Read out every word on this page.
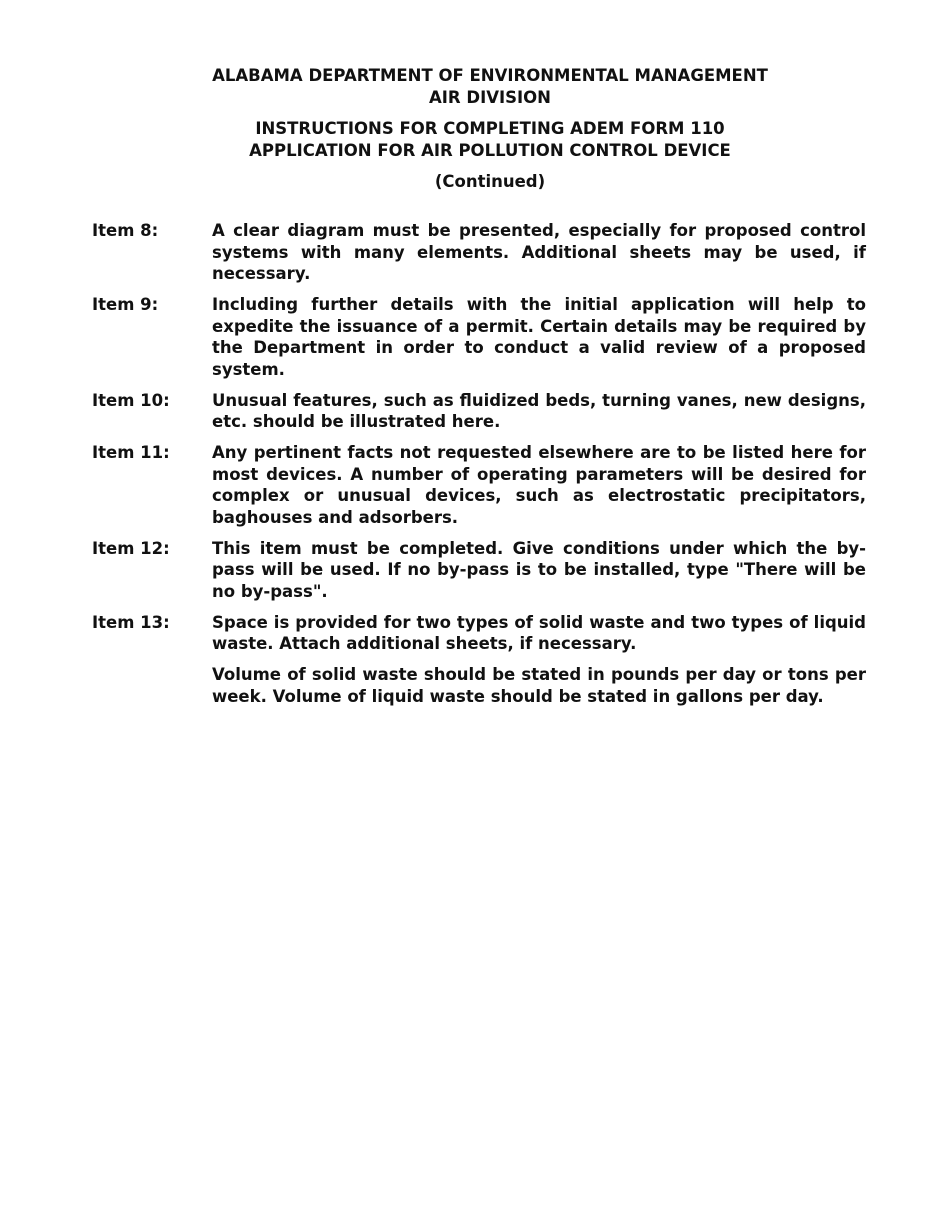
ALABAMA DEPARTMENT OF ENVIRONMENTAL MANAGEMENT
AIR DIVISION
INSTRUCTIONS FOR COMPLETING ADEM FORM 110
APPLICATION FOR AIR POLLUTION CONTROL DEVICE
(Continued)
Item 8:	A clear diagram must be presented, especially for proposed control systems with many elements. Additional sheets may be used, if necessary.

Item 9:	Including further details with the initial application will help to expedite the issuance of a permit. Certain details may be required by the Department in order to conduct a valid review of a proposed system.

Item 10:	Unusual features, such as fluidized beds, turning vanes, new designs, etc. should be illustrated here.

Item 11:	Any pertinent facts not requested elsewhere are to be listed here for most devices. A number of operating parameters will be desired for complex or unusual devices, such as electrostatic precipitators, baghouses and adsorbers.

Item 12:	This item must be completed. Give conditions under which the by-pass will be used. If no by-pass is to be installed, type "There will be no by-pass".

Item 13:	Space is provided for two types of solid waste and two types of liquid waste. Attach additional sheets, if necessary.

Volume of solid waste should be stated in pounds per day or tons per week. Volume of liquid waste should be stated in gallons per day.
